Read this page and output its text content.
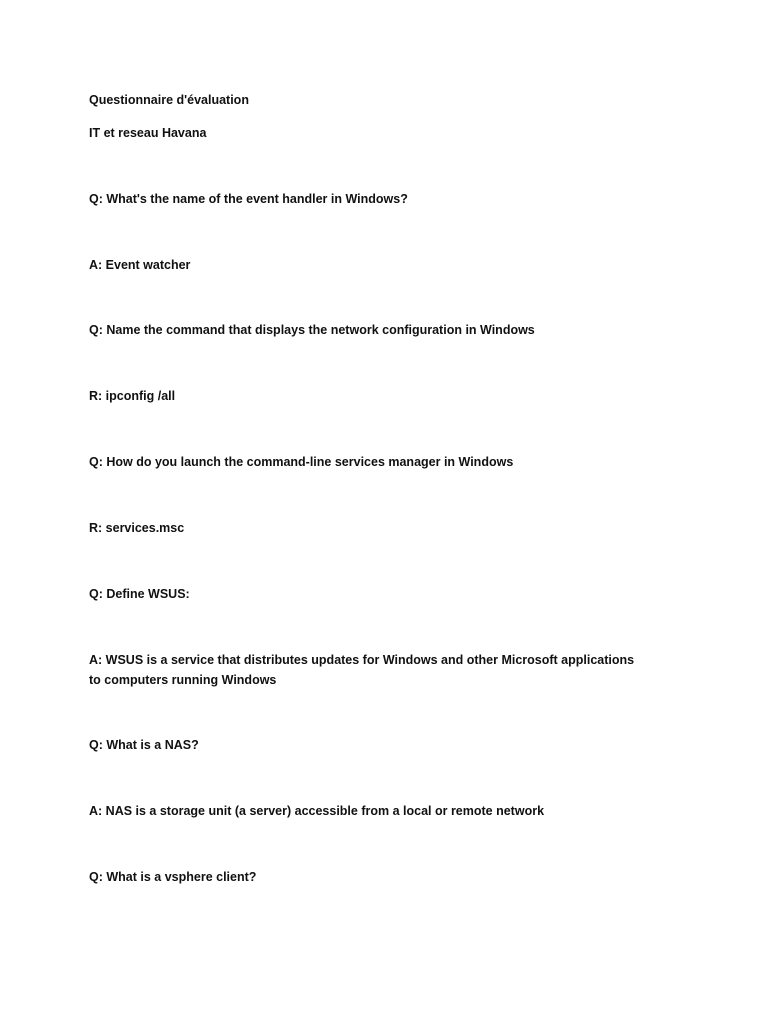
Questionnaire d'évaluation

IT et reseau Havana

Q: What's the name of the event handler in Windows?

A: Event watcher

Q: Name the command that displays the network configuration in Windows

R: ipconfig /all

Q: How do you launch the command-line services manager in Windows

R: services.msc

Q: Define WSUS:

A: WSUS is a service that distributes updates for Windows and other Microsoft applications to computers running Windows

Q: What is a NAS?

A: NAS is a storage unit (a server) accessible from a local or remote network

Q: What is a vsphere client?
